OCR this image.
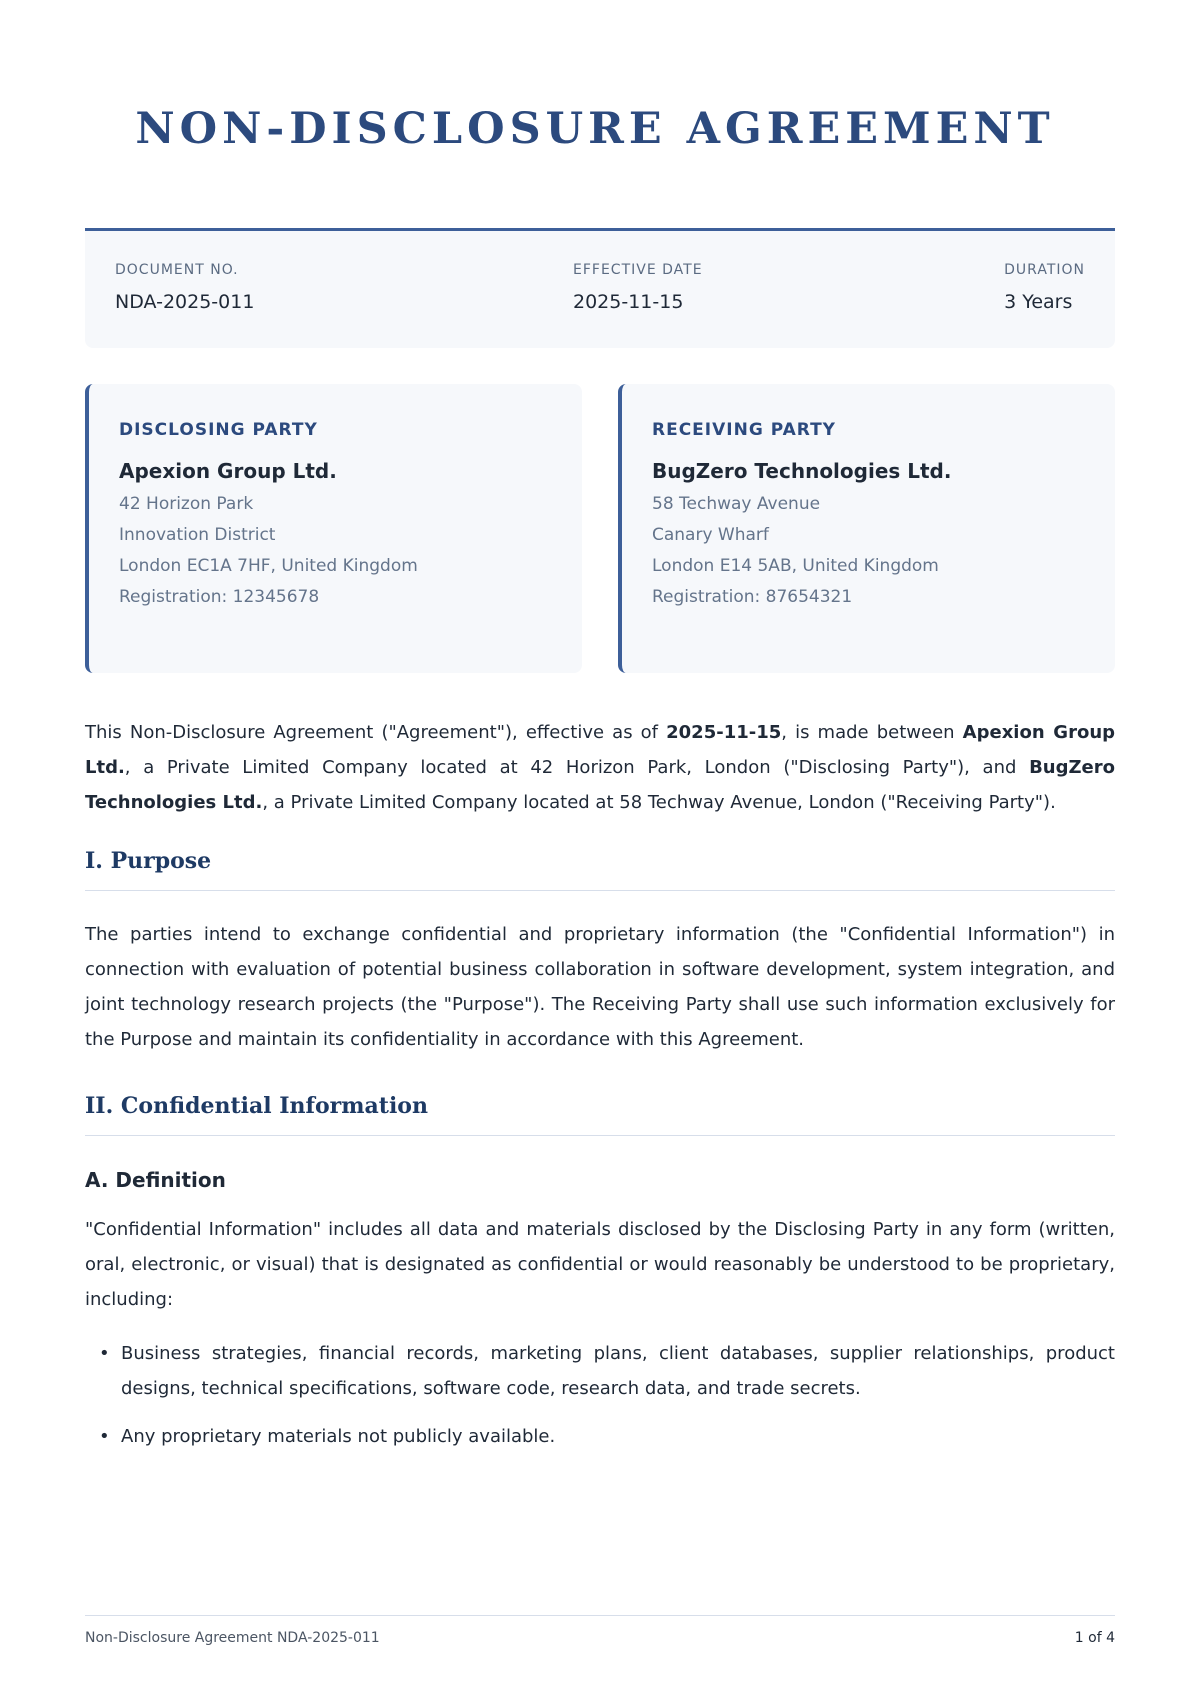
NON-DISCLOSURE AGREEMENT
DOCUMENT NO.
NDA-2025-011
EFFECTIVE DATE
2025-11-15
DURATION
3 Years
DISCLOSING PARTY
Apexion Group Ltd.
42 Horizon Park
Innovation District
London EC1A 7HF, United Kingdom
Registration: 12345678
RECEIVING PARTY
BugZero Technologies Ltd.
58 Techway Avenue
Canary Wharf
London E14 5AB, United Kingdom
Registration: 87654321

This Non-Disclosure Agreement ("Agreement"), effective as of 2025-11-15, is made between Apexion Group Ltd., a Private Limited Company located at 42 Horizon Park, London ("Disclosing Party"), and BugZero Technologies Ltd., a Private Limited Company located at 58 Techway Avenue, London ("Receiving Party").

I. Purpose

The parties intend to exchange confidential and proprietary information (the "Confidential Information") in connection with evaluation of potential business collaboration in software development, system integration, and joint technology research projects (the "Purpose"). The Receiving Party shall use such information exclusively for the Purpose and maintain its confidentiality in accordance with this Agreement.

II. Confidential Information
A. Definition

"Confidential Information" includes all data and materials disclosed by the Disclosing Party in any form (written, oral, electronic, or visual) that is designated as confidential or would reasonably be understood to be proprietary, including:

• Business strategies, financial records, marketing plans, client databases, supplier relationships, product designs, technical specifications, software code, research data, and trade secrets.
• Any proprietary materials not publicly available.
Non-Disclosure Agreement NDA-2025-011	1 of 4
